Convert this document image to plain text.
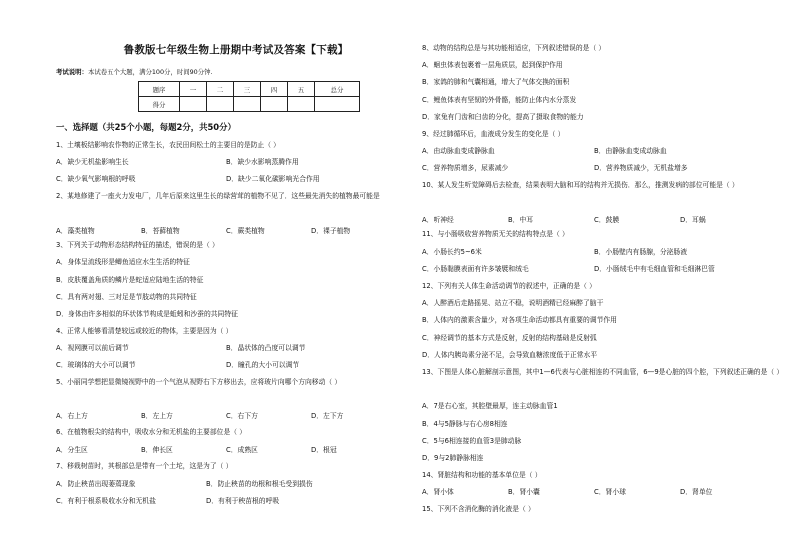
鲁教版七年级生物上册期中考试及答案【下载】
考试说明：本试卷五个大题，满分100分，时间90分钟.
题序	一	二	三	四	五	总分
得分						
一、选择题（共25个小题，每题2分，共50分）
1、土壤板结影响农作物的正常生长，农民田间松土的主要目的是防止（ ）
A．缺少无机盐影响生长	B．缺少水影响蒸腾作用
C．缺少氧气影响根的呼吸	D．缺少二氧化碳影响光合作用
2、某地修建了一座火力发电厂，几年后原来这里生长的绿营茸的植物不见了．这些最先消失的植物最可能是
A．藻类植物	B．苔藓植物	C．蕨类植物	D．裸子植物
3、下列关于动物形态结构特征的描述，错误的是（ ）
A．身体呈流线形是鲫鱼适应水生生活的特征
B．皮肤覆盖角质的鳞片是蛇适应陆地生活的特征
C．具有两对翅、三对足是节肢动物的共同特征
D．身体由许多相似的环状体节构成是蚯蚓和沙蚕的共同特征
4、正常人能够看清楚较远或较近的物体，主要是因为（ ）
A．视网膜可以前后调节	B．晶状体的凸度可以调节
C．玻璃体的大小可以调节	D．瞳孔的大小可以调节
5、小丽同学想把显微镜视野中的一个气泡从视野右下方移出去，应将玻片向哪个方向移动（ ）
A．右上方	B．左上方	C．右下方	D．左下方
6、在植物根尖的结构中，吸收水分和无机盐的主要部位是（ ）
A．分生区	B．伸长区	C．成熟区	D．根冠
7、移栽树苗时，其根部总是带有一个土坨，这是为了（ ）
A．防止秧苗出现萎蔫现象	B．防止秧苗的幼根和根毛受到损伤
C．有利于根系吸收水分和无机盐	D．有利于秧苗根的呼吸
8、动物的结构总是与其功能相适应，下列叙述错误的是（ ）
A．蛔虫体表包裹着一层角质层，起到保护作用
B．家鸽的肺和气囊相通，增大了气体交换的面积
C．鲤鱼体表有坚韧的外骨骼，能防止体内水分蒸发
D．家兔有门齿和臼齿的分化，提高了摄取食物的能力
9、经过肺循环后，血液成分发生的变化是（ ）
A．由动脉血变成静脉血	B．由静脉血变成动脉血
C．营养物质增多，尿素减少	D．营养物质减少，无机盐增多
10、某人发生听觉障碍后去检查，结果表明大脑和耳的结构并无损伤．那么，推测发病的部位可能是（ ）
A．听神经	B．中耳	C．鼓膜	D．耳蜗
11、与小肠吸收营养物质无关的结构特点是（ ）
A．小肠长约5~6米	B．小肠壁内有肠腺，分泌肠液
C．小肠黏膜表面有许多皱襞和绒毛	D．小肠绒毛中有毛细血管和毛细淋巴管
12、下列有关人体生命活动调节的叙述中，正确的是（ ）
A．人醉酒后走路摇晃、站立不稳，说明酒精已经麻醉了脑干
B．人体内的激素含量少，对各项生命活动都具有重要的调节作用
C．神经调节的基本方式是反射，反射的结构基础是反射弧
D．人体内胰岛素分泌不足，会导致血糖浓度低于正常水平
13、下图是人体心脏解剖示意图，其中1—6代表与心脏相连的不同血管，6—9是心脏的四个腔，下列叙述正确的是（ ）
A．7是右心室，其腔壁最厚，连主动脉血管1
B．4与5静脉与右心房8相连
C．5与6相连接的血管3是肺动脉
D．9与2肺静脉相连
14、肾脏结构和功能的基本单位是（ ）
A．肾小体	B．肾小囊	C．肾小球	D．肾单位
15、下列不含消化酶的消化液是（ ）
